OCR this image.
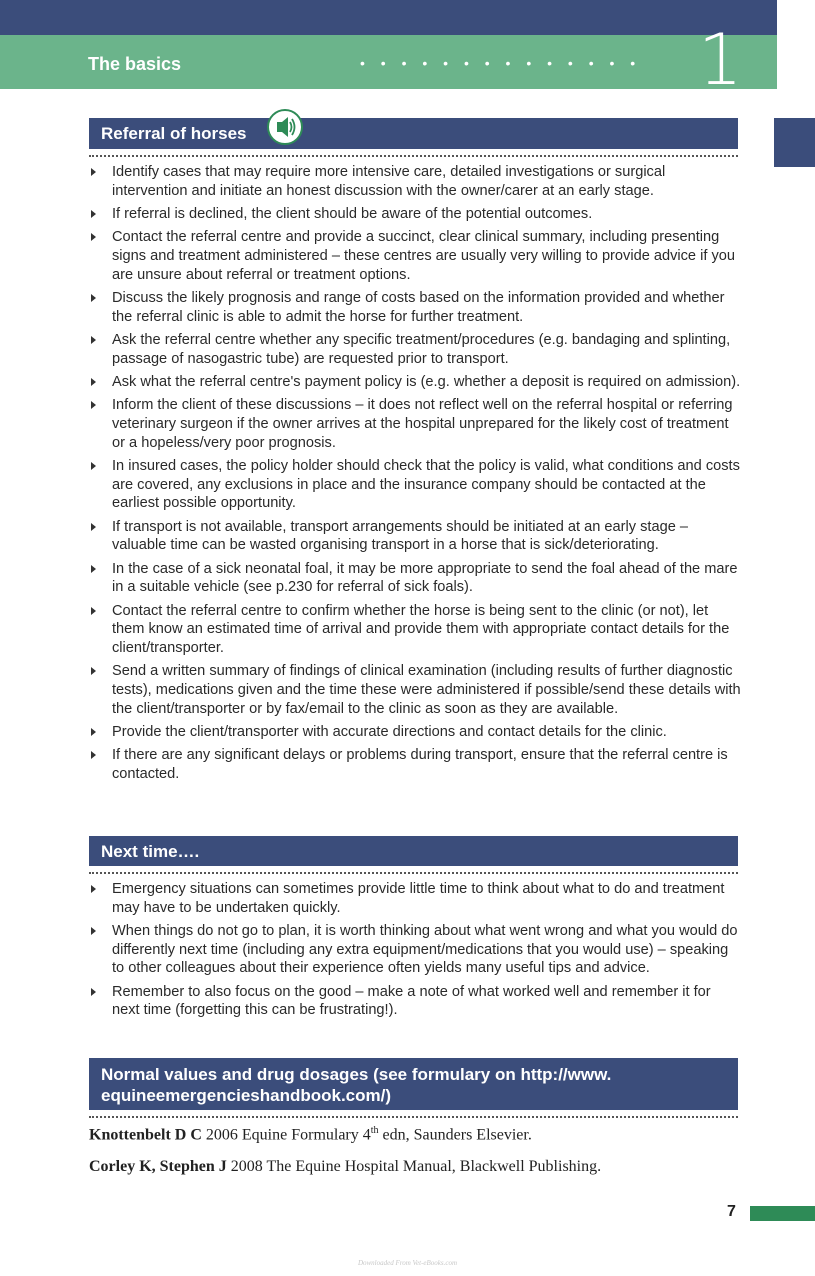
The basics	• • • • • • • • • • • • • • 1
Referral of horses
Identify cases that may require more intensive care, detailed investigations or surgical intervention and initiate an honest discussion with the owner/carer at an early stage.
If referral is declined, the client should be aware of the potential outcomes.
Contact the referral centre and provide a succinct, clear clinical summary, including presenting signs and treatment administered – these centres are usually very willing to provide advice if you are unsure about referral or treatment options.
Discuss the likely prognosis and range of costs based on the information provided and whether the referral clinic is able to admit the horse for further treatment.
Ask the referral centre whether any specific treatment/procedures (e.g. bandaging and splinting, passage of nasogastric tube) are requested prior to transport.
Ask what the referral centre's payment policy is (e.g. whether a deposit is required on admission).
Inform the client of these discussions – it does not reflect well on the referral hospital or referring veterinary surgeon if the owner arrives at the hospital unprepared for the likely cost of treatment or a hopeless/very poor prognosis.
In insured cases, the policy holder should check that the policy is valid, what conditions and costs are covered, any exclusions in place and the insurance company should be contacted at the earliest possible opportunity.
If transport is not available, transport arrangements should be initiated at an early stage – valuable time can be wasted organising transport in a horse that is sick/deteriorating.
In the case of a sick neonatal foal, it may be more appropriate to send the foal ahead of the mare in a suitable vehicle (see p.230 for referral of sick foals).
Contact the referral centre to confirm whether the horse is being sent to the clinic (or not), let them know an estimated time of arrival and provide them with appropriate contact details for the client/transporter.
Send a written summary of findings of clinical examination (including results of further diagnostic tests), medications given and the time these were administered if possible/send these details with the client/transporter or by fax/email to the clinic as soon as they are available.
Provide the client/transporter with accurate directions and contact details for the clinic.
If there are any significant delays or problems during transport, ensure that the referral centre is contacted.
Next time….
Emergency situations can sometimes provide little time to think about what to do and treatment may have to be undertaken quickly.
When things do not go to plan, it is worth thinking about what went wrong and what you would do differently next time (including any extra equipment/medications that you would use) – speaking to other colleagues about their experience often yields many useful tips and advice.
Remember to also focus on the good – make a note of what worked well and remember it for next time (forgetting this can be frustrating!).
Normal values and drug dosages (see formulary on http://www.
equineemergencieshandbook.com/)
Knottenbelt D C 2006 Equine Formulary 4th edn, Saunders Elsevier.
Corley K, Stephen J 2008 The Equine Hospital Manual, Blackwell Publishing.
7
Downloaded From Vet-eBooks.com
